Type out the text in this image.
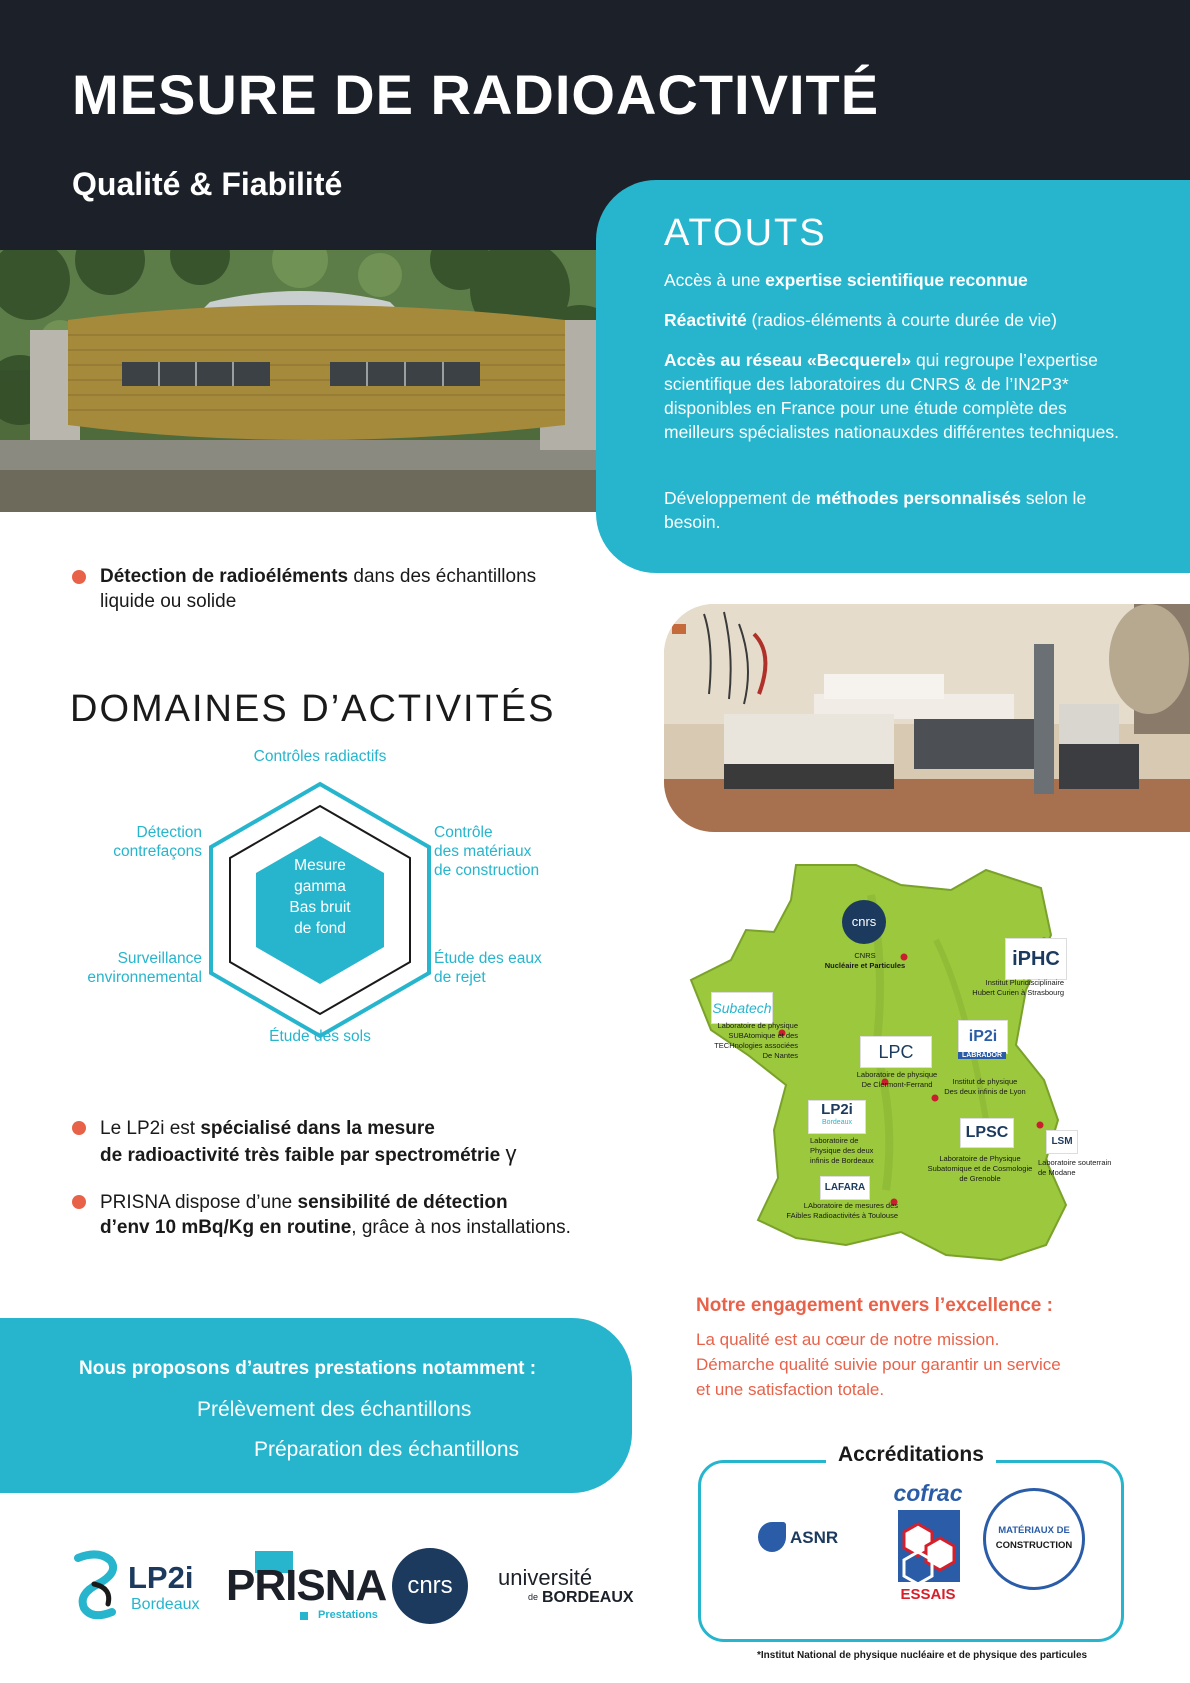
MESURE DE RADIOACTIVITÉ
Qualité & Fiabilité
ATOUTS
Accès à une expertise scientifique reconnue
Réactivité (radios-éléments à courte durée de vie)
Accès au réseau «Becquerel» qui regroupe l’expertise scientifique des laboratoires du CNRS & de l’IN2P3* disponibles en France pour une étude complète des meilleurs spécialistes nationauxdes différentes techniques.
Développement de méthodes personnalisés selon le besoin.
Détection de radioéléments dans des échantillons liquide ou solide
DOMAINES D’ACTIVITÉS
Mesure
gamma
Bas bruit
de fond
Contrôles radiactifs
Contrôle
des matériaux
de construction
Étude des eaux
de rejet
Étude des sols
Surveillance
environnemental
Détection
contrefaçons
Le LP2i est spécialisé dans la mesure
de radioactivité très faible par spectrométrie γ
PRISNA dispose d’une sensibilité de détection
d’env 10 mBq/Kg en routine, grâce à nos installations.
Nous proposons d’autres prestations notamment :
Prélèvement des échantillons
Préparation des échantillons
cnrs
CNRS
Nucléaire et Particules	iPHC
Institut Pluridisciplinaire
Hubert Curien à Strasbourg
Subatech
Laboratoire de physique
SUBAtomique et des
TECHnologies associées
De Nantes	LPC
Laboratoire de physique
De Clermont-Ferrand
iP2i
LABRADOR
Institut de physique
Des deux infinis de Lyon
LP2i
Bordeaux
Laboratoire de
Physique des deux
infinis de Bordeaux
LPSC
Laboratoire de Physique
Subatomique et de Cosmologie
de Grenoble
LSM
Laboratoire souterrain
de Modane
LAFARA
LAboratoire de mesures des
FAibles Radioactivités à Toulouse
Notre engagement envers l’excellence :
La qualité est au cœur de notre mission.
Démarche qualité suivie pour garantir un service
et une satisfaction totale.
Accréditations
ASNR
cofrac
ESSAIS
MATÉRIAUX DE
CONSTRUCTION
LP2i
Bordeaux PRISNA
Prestations
cnrs	université
de BORDEAUX
*Institut National de physique nucléaire et de physique des particules
